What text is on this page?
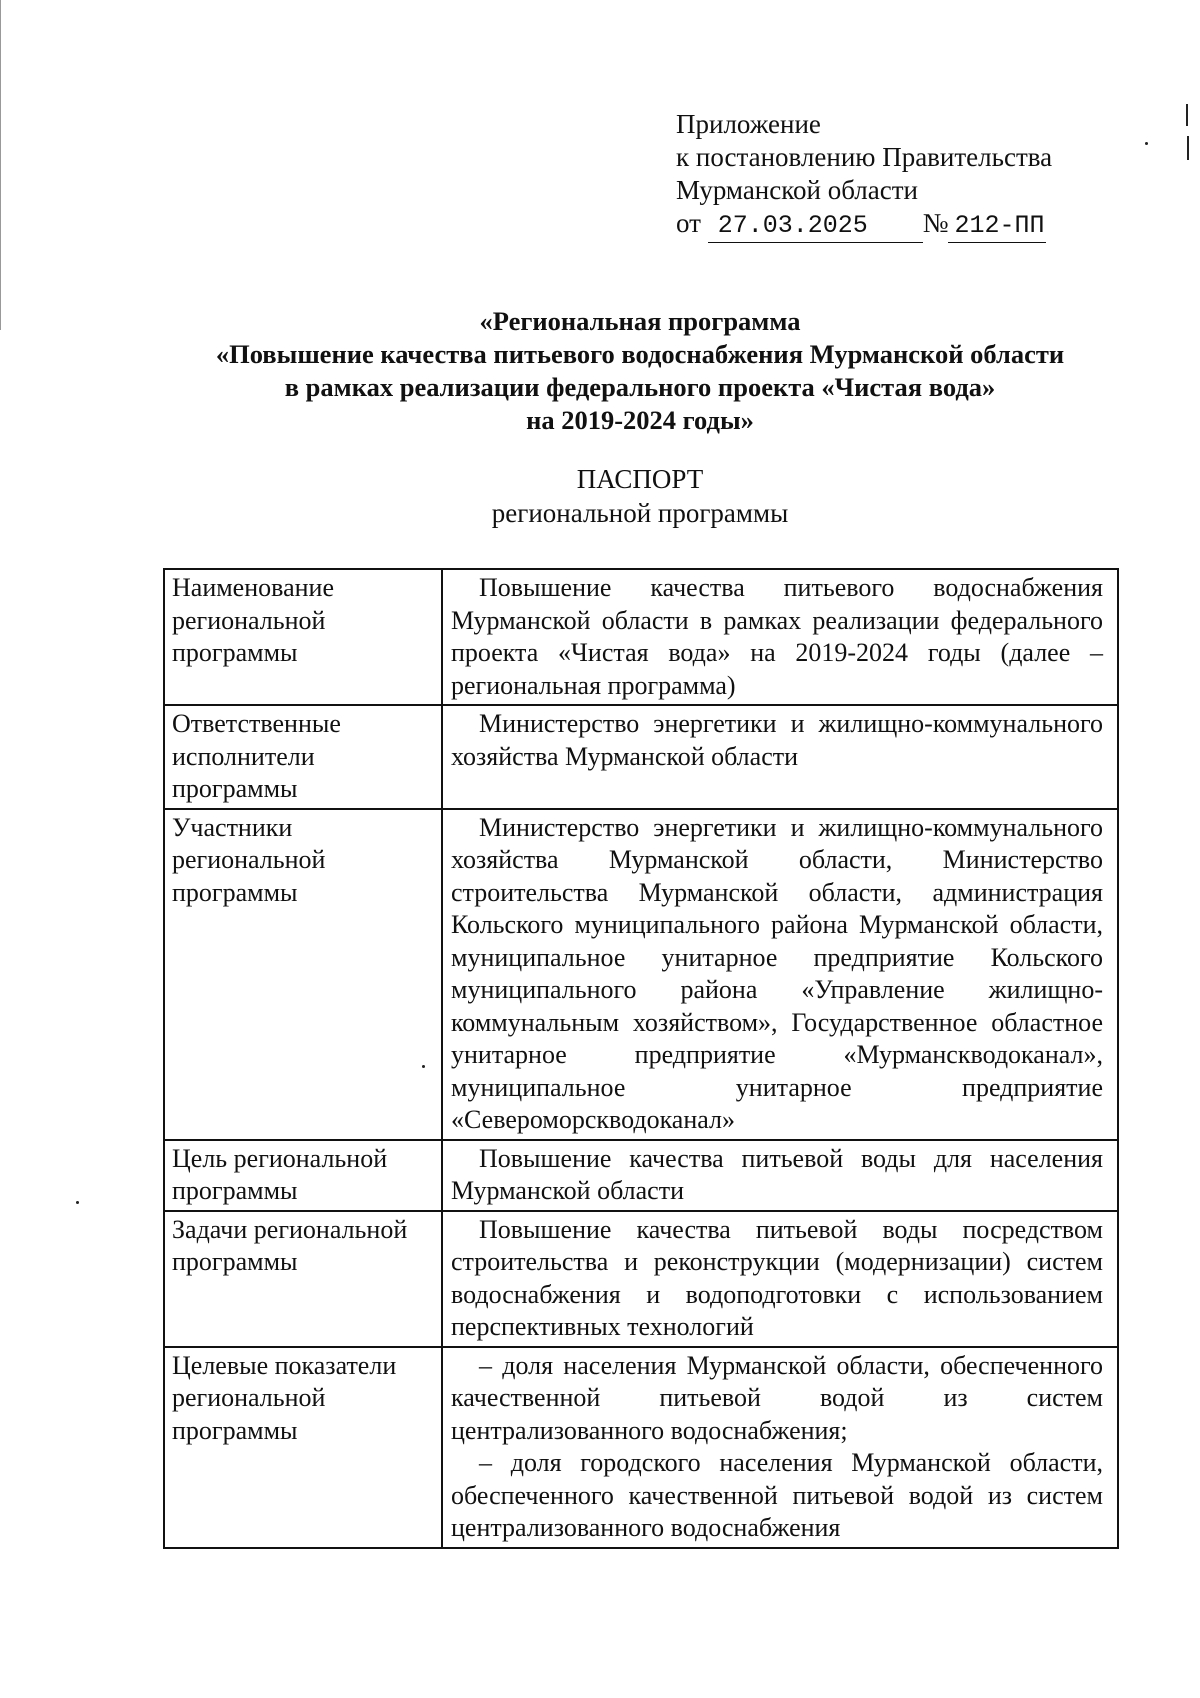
Приложение
к постановлению Правительства
Мурманской области
от 27.03.2025 № 212-ПП
«Региональная программа
«Повышение качества питьевого водоснабжения Мурманской области
в рамках реализации федерального проекта «Чистая вода»
на 2019-2024 годы»
ПАСПОРТ
региональной программы
Наименование региональной программы	Повышение качества питьевого водоснабжения Мурманской области в рамках реализации федерального проекта «Чистая вода» на 2019-2024 годы (далее – региональная программа)

Ответственные исполнители программы	Министерство энергетики и жилищно-коммунального хозяйства Мурманской области

Участники региональной программы	Министерство энергетики и жилищно-коммунального хозяйства Мурманской области, Министерство строительства Мурманской области, администрация Кольского муниципального района Мурманской области, муниципальное унитарное предприятие Кольского муниципального района «Управление жилищно-коммунальным хозяйством», Государственное областное унитарное предприятие «Мурманскводоканал», муниципальное унитарное предприятие «Североморскводоканал»

Цель региональной программы	Повышение качества питьевой воды для населения Мурманской области

Задачи региональной программы	Повышение качества питьевой воды посредством строительства и реконструкции (модернизации) систем водоснабжения и водоподготовки с использованием перспективных технологий

Целевые показатели региональной программы	– доля населения Мурманской области, обеспеченного качественной питьевой водой из систем централизованного водоснабжения;
– доля городского населения Мурманской области, обеспеченного качественной питьевой водой из систем централизованного водоснабжения
